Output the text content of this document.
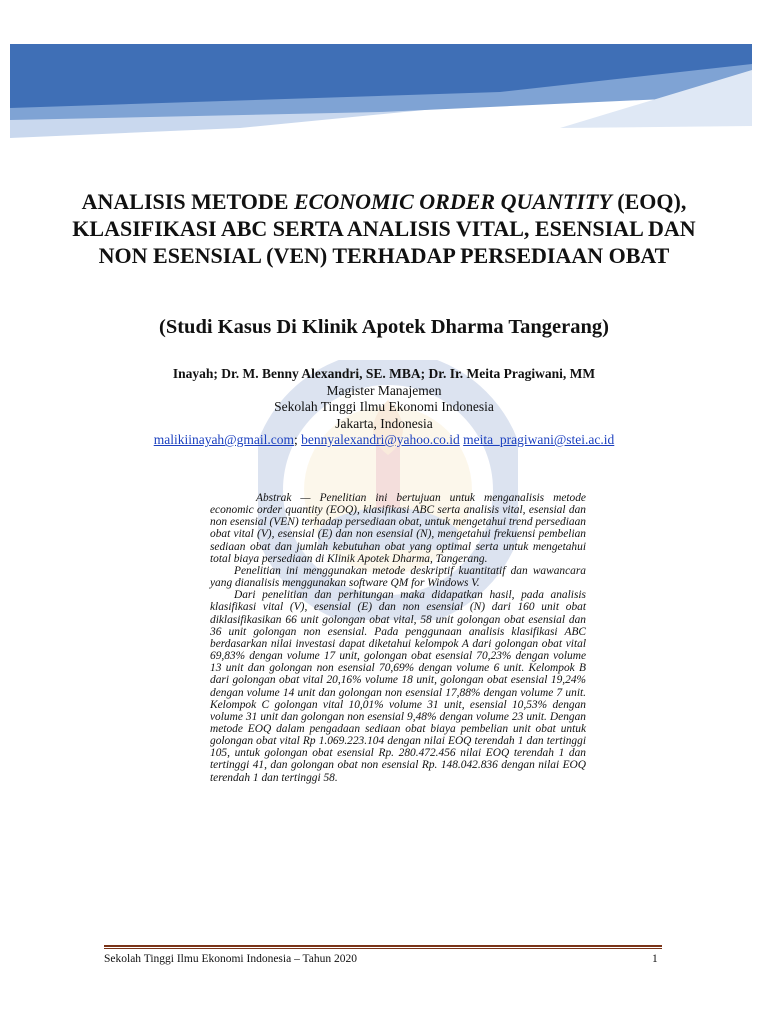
ANALISIS METODE ECONOMIC ORDER QUANTITY (EOQ), KLASIFIKASI ABC SERTA ANALISIS VITAL, ESENSIAL DAN NON ESENSIAL (VEN) TERHADAP PERSEDIAAN OBAT
(Studi Kasus Di Klinik Apotek Dharma Tangerang)
Inayah; Dr. M. Benny Alexandri, SE. MBA; Dr. Ir. Meita Pragiwani, MM
Magister Manajemen
Sekolah Tinggi Ilmu Ekonomi Indonesia
Jakarta, Indonesia
malikiinayah@gmail.com; bennyalexandri@yahoo.co.id meita_pragiwani@stei.ac.id

Abstrak — Penelitian ini bertujuan untuk menganalisis metode economic order quantity (EOQ), klasifikasi ABC serta analisis vital, esensial dan non esensial (VEN) terhadap persediaan obat, untuk mengetahui trend persediaan obat vital (V), esensial (E) dan non esensial (N), mengetahui frekuensi pembelian sediaan obat dan jumlah kebutuhan obat yang optimal serta untuk mengetahui total biaya persediaan di Klinik Apotek Dharma, Tangerang.

Penelitian ini menggunakan metode deskriptif kuantitatif dan wawancara yang dianalisis menggunakan software QM for Windows V.

Dari penelitian dan perhitungan maka didapatkan hasil, pada analisis klasifikasi vital (V), esensial (E) dan non esensial (N) dari 160 unit obat diklasifikasikan 66 unit golongan obat vital, 58 unit golongan obat esensial dan 36 unit golongan non esensial. Pada penggunaan analisis klasifikasi ABC berdasarkan nilai investasi dapat diketahui kelompok A dari golongan obat vital 69,83% dengan volume 17 unit, golongan obat esensial 70,23% dengan volume 13 unit dan golongan non esensial 70,69% dengan volume 6 unit. Kelompok B dari golongan obat vital 20,16% volume 18 unit, golongan obat esensial 19,24% dengan volume 14 unit dan golongan non esensial 17,88% dengan volume 7 unit. Kelompok C golongan vital 10,01% volume 31 unit, esensial 10,53% dengan volume 31 unit dan golongan non esensial 9,48% dengan volume 23 unit. Dengan metode EOQ dalam pengadaan sediaan obat biaya pembelian unit obat untuk golongan obat vital Rp 1.069.223.104 dengan nilai EOQ terendah 1 dan tertinggi 105, untuk golongan obat esensial Rp. 280.472.456 nilai EOQ terendah 1 dan tertinggi 41, dan golongan obat non esensial Rp. 148.042.836 dengan nilai EOQ terendah 1 dan tertinggi 58.

Sekolah Tinggi Ilmu Ekonomi Indonesia – Tahun 2020	1
